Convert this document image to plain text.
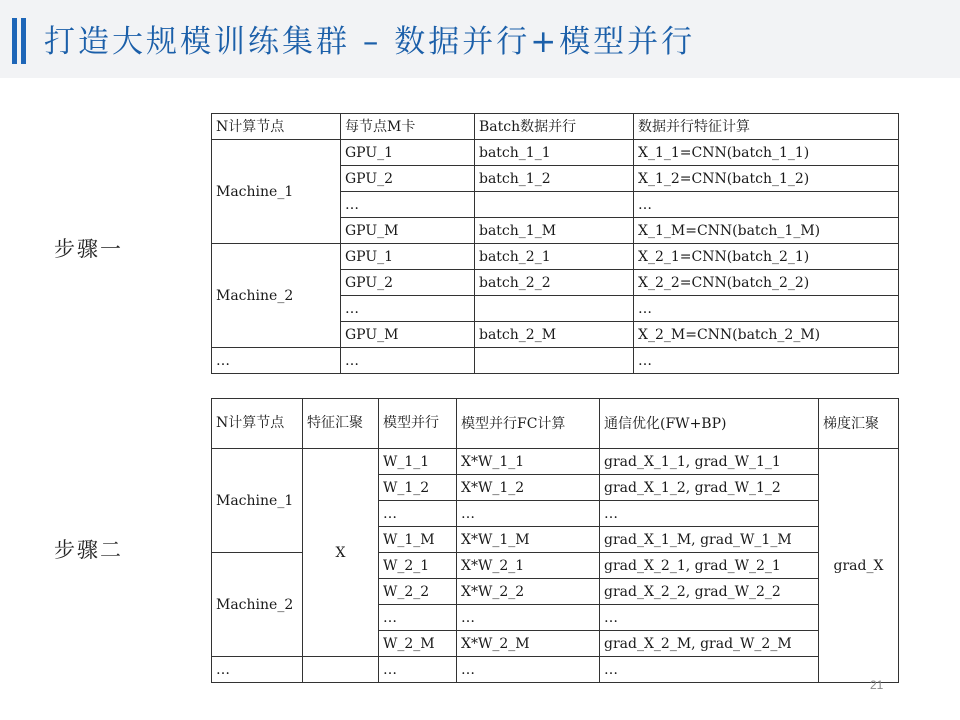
打造大规模训练集群 – 数据并行+模型并行
步骤一
步骤二
N计算节点	每节点M卡	Batch数据并行	数据并行特征计算
Machine_1	GPU_1	batch_1_1	X_1_1=CNN(batch_1_1)
	GPU_2	batch_1_2	X_1_2=CNN(batch_1_2)
	…		…
	GPU_M	batch_1_M	X_1_M=CNN(batch_1_M)
Machine_2	GPU_1	batch_2_1	X_2_1=CNN(batch_2_1)
	GPU_2	batch_2_2	X_2_2=CNN(batch_2_2)
	…		…
	GPU_M	batch_2_M	X_2_M=CNN(batch_2_M)
…	…		…
N计算节点	特征汇聚	模型并行	模型并行FC计算	通信优化(FW+BP)	梯度汇聚
Machine_1	X	W_1_1	X*W_1_1	grad_X_1_1, grad_W_1_1	grad_X
		W_1_2	X*W_1_2	grad_X_1_2, grad_W_1_2	
		…	…	…	
		W_1_M	X*W_1_M	grad_X_1_M, grad_W_1_M	
Machine_2		W_2_1	X*W_2_1	grad_X_2_1, grad_W_2_1	
		W_2_2	X*W_2_2	grad_X_2_2, grad_W_2_2	
		…	…	…	
		W_2_M	X*W_2_M	grad_X_2_M, grad_W_2_M	
…		…	…	…	
21
